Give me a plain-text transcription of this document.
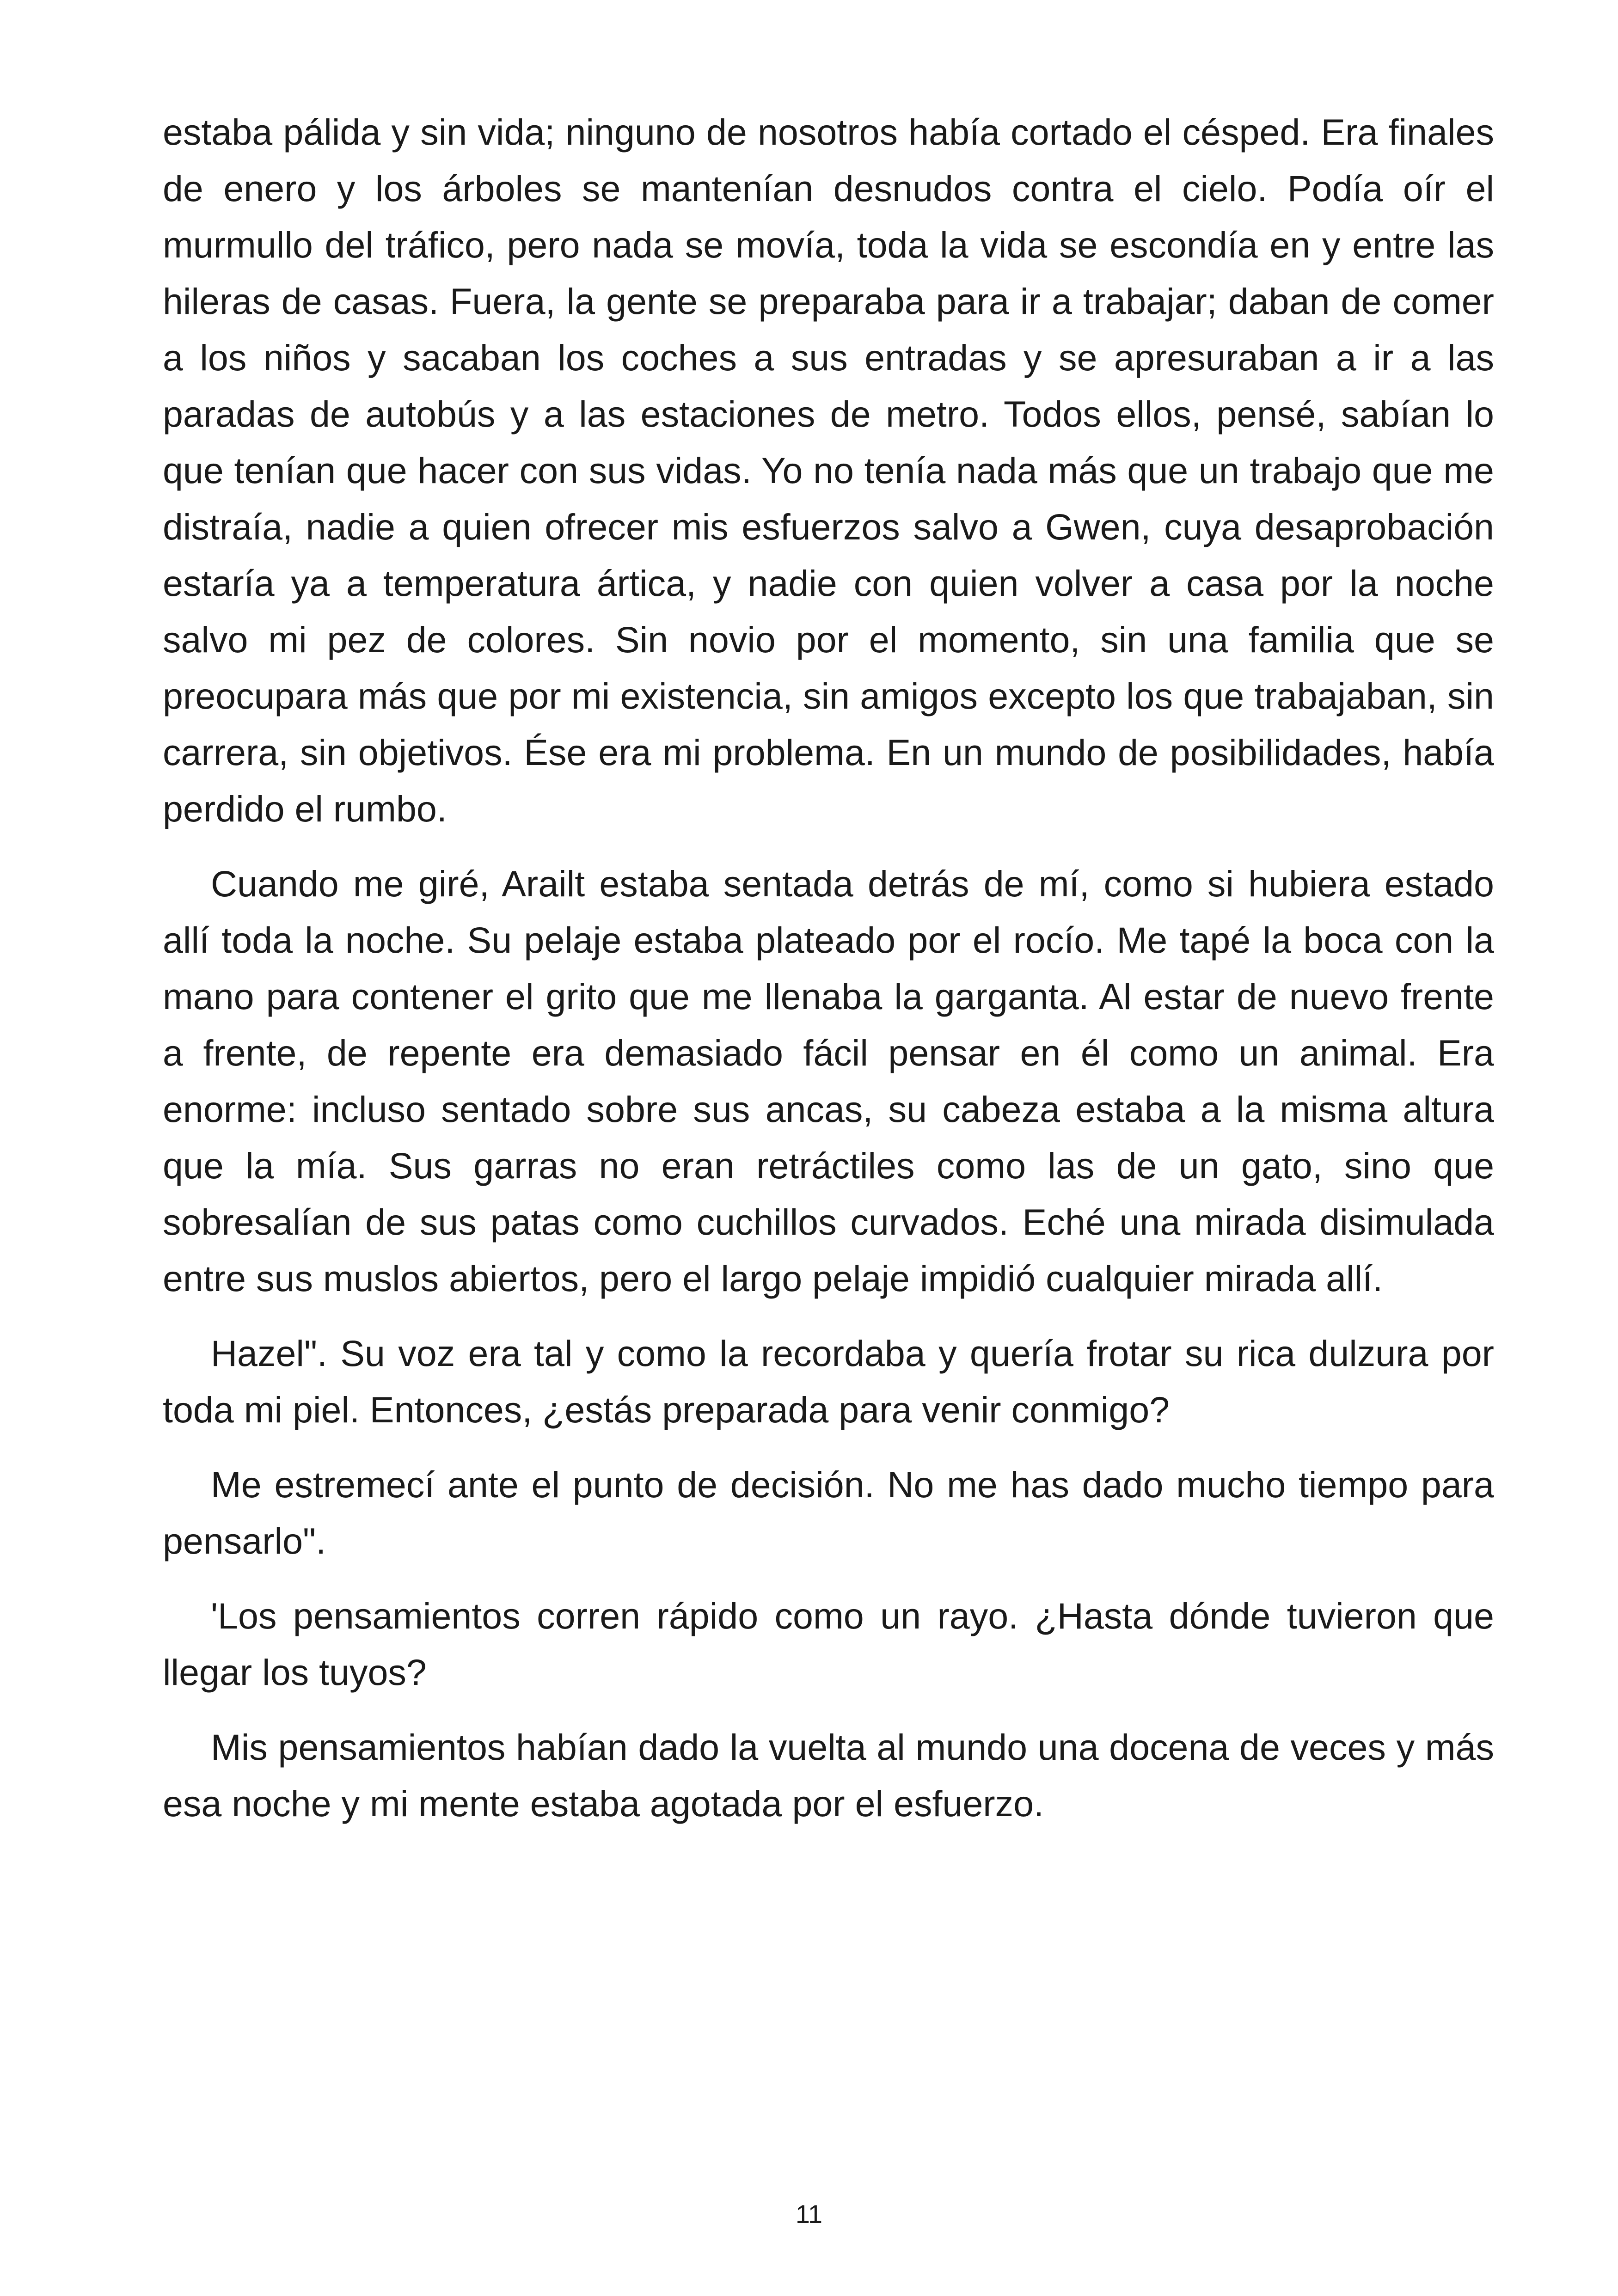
estaba pálida y sin vida; ninguno de nosotros había cortado el césped. Era finales de enero y los árboles se mantenían desnudos contra el cielo. Podía oír el murmullo del tráfico, pero nada se movía, toda la vida se escondía en y entre las hileras de casas. Fuera, la gente se preparaba para ir a trabajar; daban de comer a los niños y sacaban los coches a sus entradas y se apresuraban a ir a las paradas de autobús y a las estaciones de metro. Todos ellos, pensé, sabían lo que tenían que hacer con sus vidas. Yo no tenía nada más que un trabajo que me distraía, nadie a quien ofrecer mis esfuerzos salvo a Gwen, cuya desaprobación estaría ya a temperatura ártica, y nadie con quien volver a casa por la noche salvo mi pez de colores. Sin novio por el momento, sin una familia que se preocupara más que por mi existencia, sin amigos excepto los que trabajaban, sin carrera, sin objetivos. Ése era mi problema. En un mundo de posibilidades, había perdido el rumbo.

Cuando me giré, Arailt estaba sentada detrás de mí, como si hubiera estado allí toda la noche. Su pelaje estaba plateado por el rocío. Me tapé la boca con la mano para contener el grito que me llenaba la garganta. Al estar de nuevo frente a frente, de repente era demasiado fácil pensar en él como un animal. Era enorme: incluso sentado sobre sus ancas, su cabeza estaba a la misma altura que la mía. Sus garras no eran retráctiles como las de un gato, sino que sobresalían de sus patas como cuchillos curvados. Eché una mirada disimulada entre sus muslos abiertos, pero el largo pelaje impidió cualquier mirada allí.

Hazel". Su voz era tal y como la recordaba y quería frotar su rica dulzura por toda mi piel. Entonces, ¿estás preparada para venir conmigo?

Me estremecí ante el punto de decisión. No me has dado mucho tiempo para pensarlo".

'Los pensamientos corren rápido como un rayo. ¿Hasta dónde tuvieron que llegar los tuyos?

Mis pensamientos habían dado la vuelta al mundo una docena de veces y más esa noche y mi mente estaba agotada por el esfuerzo.

11
